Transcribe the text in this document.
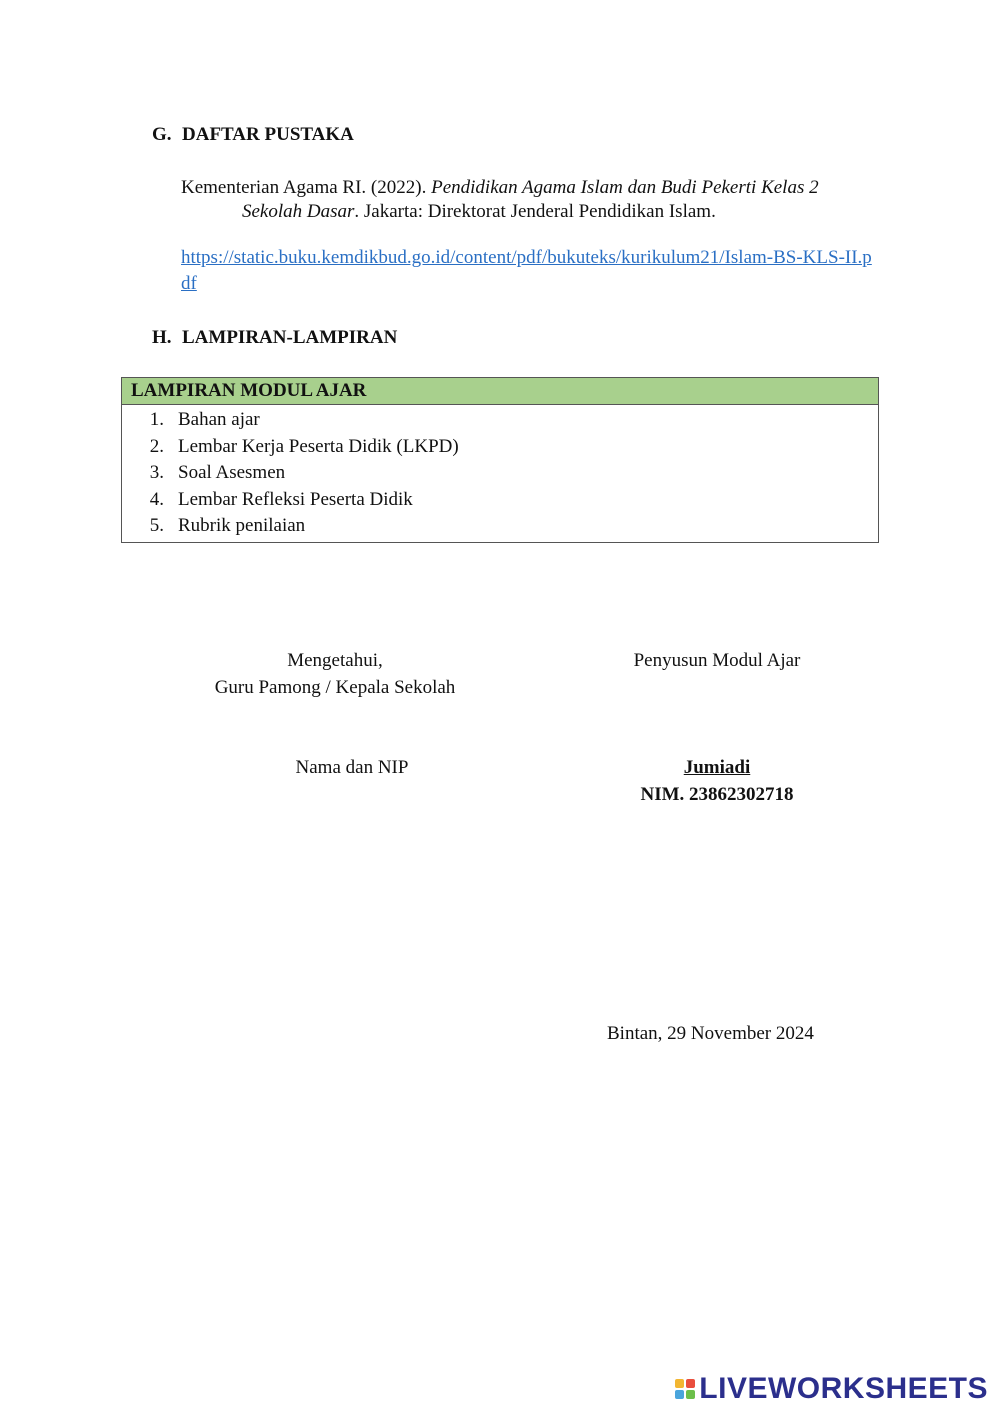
G. DAFTAR PUSTAKA
Kementerian Agama RI. (2022). Pendidikan Agama Islam dan Budi Pekerti Kelas 2
Sekolah Dasar. Jakarta: Direktorat Jenderal Pendidikan Islam.
https://static.buku.kemdikbud.go.id/content/pdf/bukuteks/kurikulum21/Islam-BS-KLS-II.pdf
H. LAMPIRAN-LAMPIRAN
LAMPIRAN MODUL AJAR
1. Bahan ajar
2. Lembar Kerja Peserta Didik (LKPD)
3. Soal Asesmen
4. Lembar Refleksi Peserta Didik
5. Rubrik penilaian
Mengetahui,
Guru Pamong / Kepala Sekolah
Nama dan NIP
Penyusun Modul Ajar
Jumiadi
NIM. 23862302718
Bintan, 29 November 2024
LIVEWORKSHEETS
